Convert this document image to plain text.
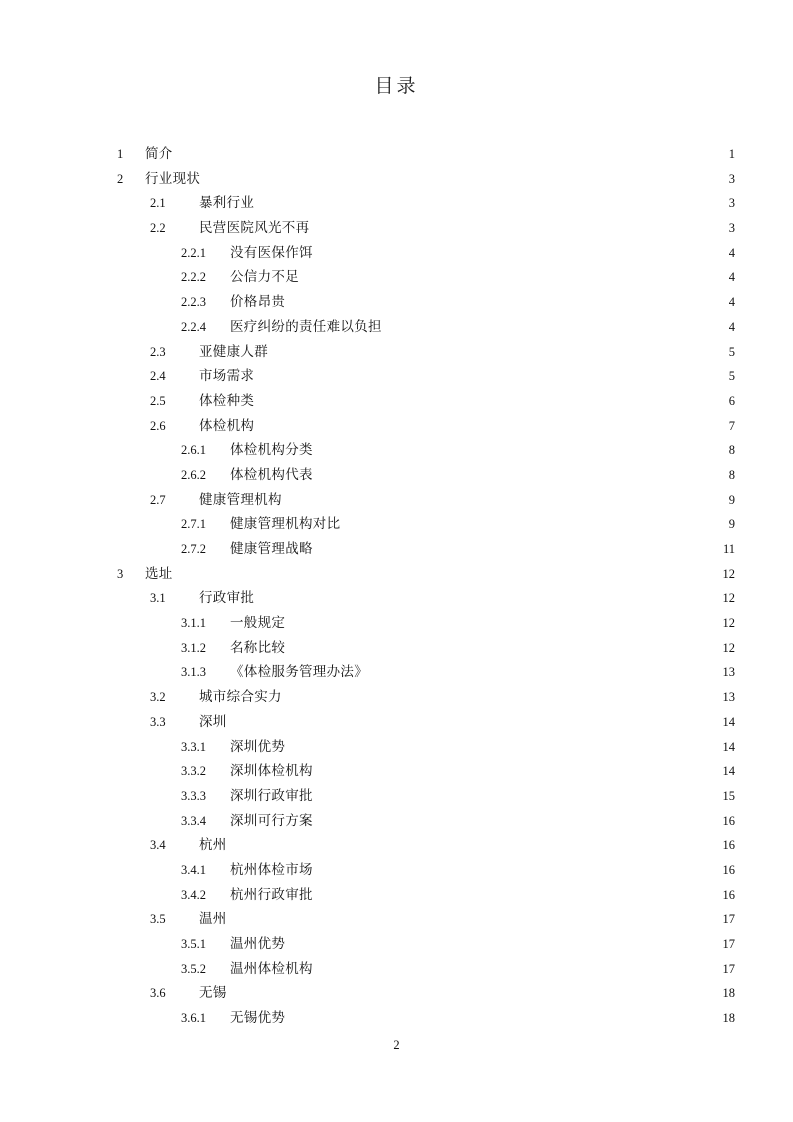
目录
1	简介 .....	1
2	行业现状 .....	3
2.1	暴利行业 .....	3
2.2	民营医院风光不再 .....	3
2.2.1	没有医保作饵 .....	4
2.2.2	公信力不足 .....	4
2.2.3	价格昂贵 .....	4
2.2.4	医疗纠纷的责任难以负担 .....	4
2.3	亚健康人群 .....	5
2.4	市场需求 .....	5
2.5	体检种类 .....	6
2.6	体检机构 .....	7
2.6.1	体检机构分类 .....	8
2.6.2	体检机构代表 .....	8
2.7	健康管理机构 .....	9
2.7.1	健康管理机构对比 .....	9
2.7.2	健康管理战略 .....	11
3	选址 .....	12
3.1	行政审批 .....	12
3.1.1	一般规定 .....	12
3.1.2	名称比较 .....	12
3.1.3	《体检服务管理办法》 .....	13
3.2	城市综合实力 .....	13
3.3	深圳 .....	14
3.3.1	深圳优势 .....	14
3.3.2	深圳体检机构 .....	14
3.3.3	深圳行政审批 .....	15
3.3.4	深圳可行方案 .....	16
3.4	杭州 .....	16
3.4.1	杭州体检市场 .....	16
3.4.2	杭州行政审批 .....	16
3.5	温州 .....	17
3.5.1	温州优势 .....	17
3.5.2	温州体检机构 .....	17
3.6	无锡 .....	18
3.6.1	无锡优势 .....	18
2
